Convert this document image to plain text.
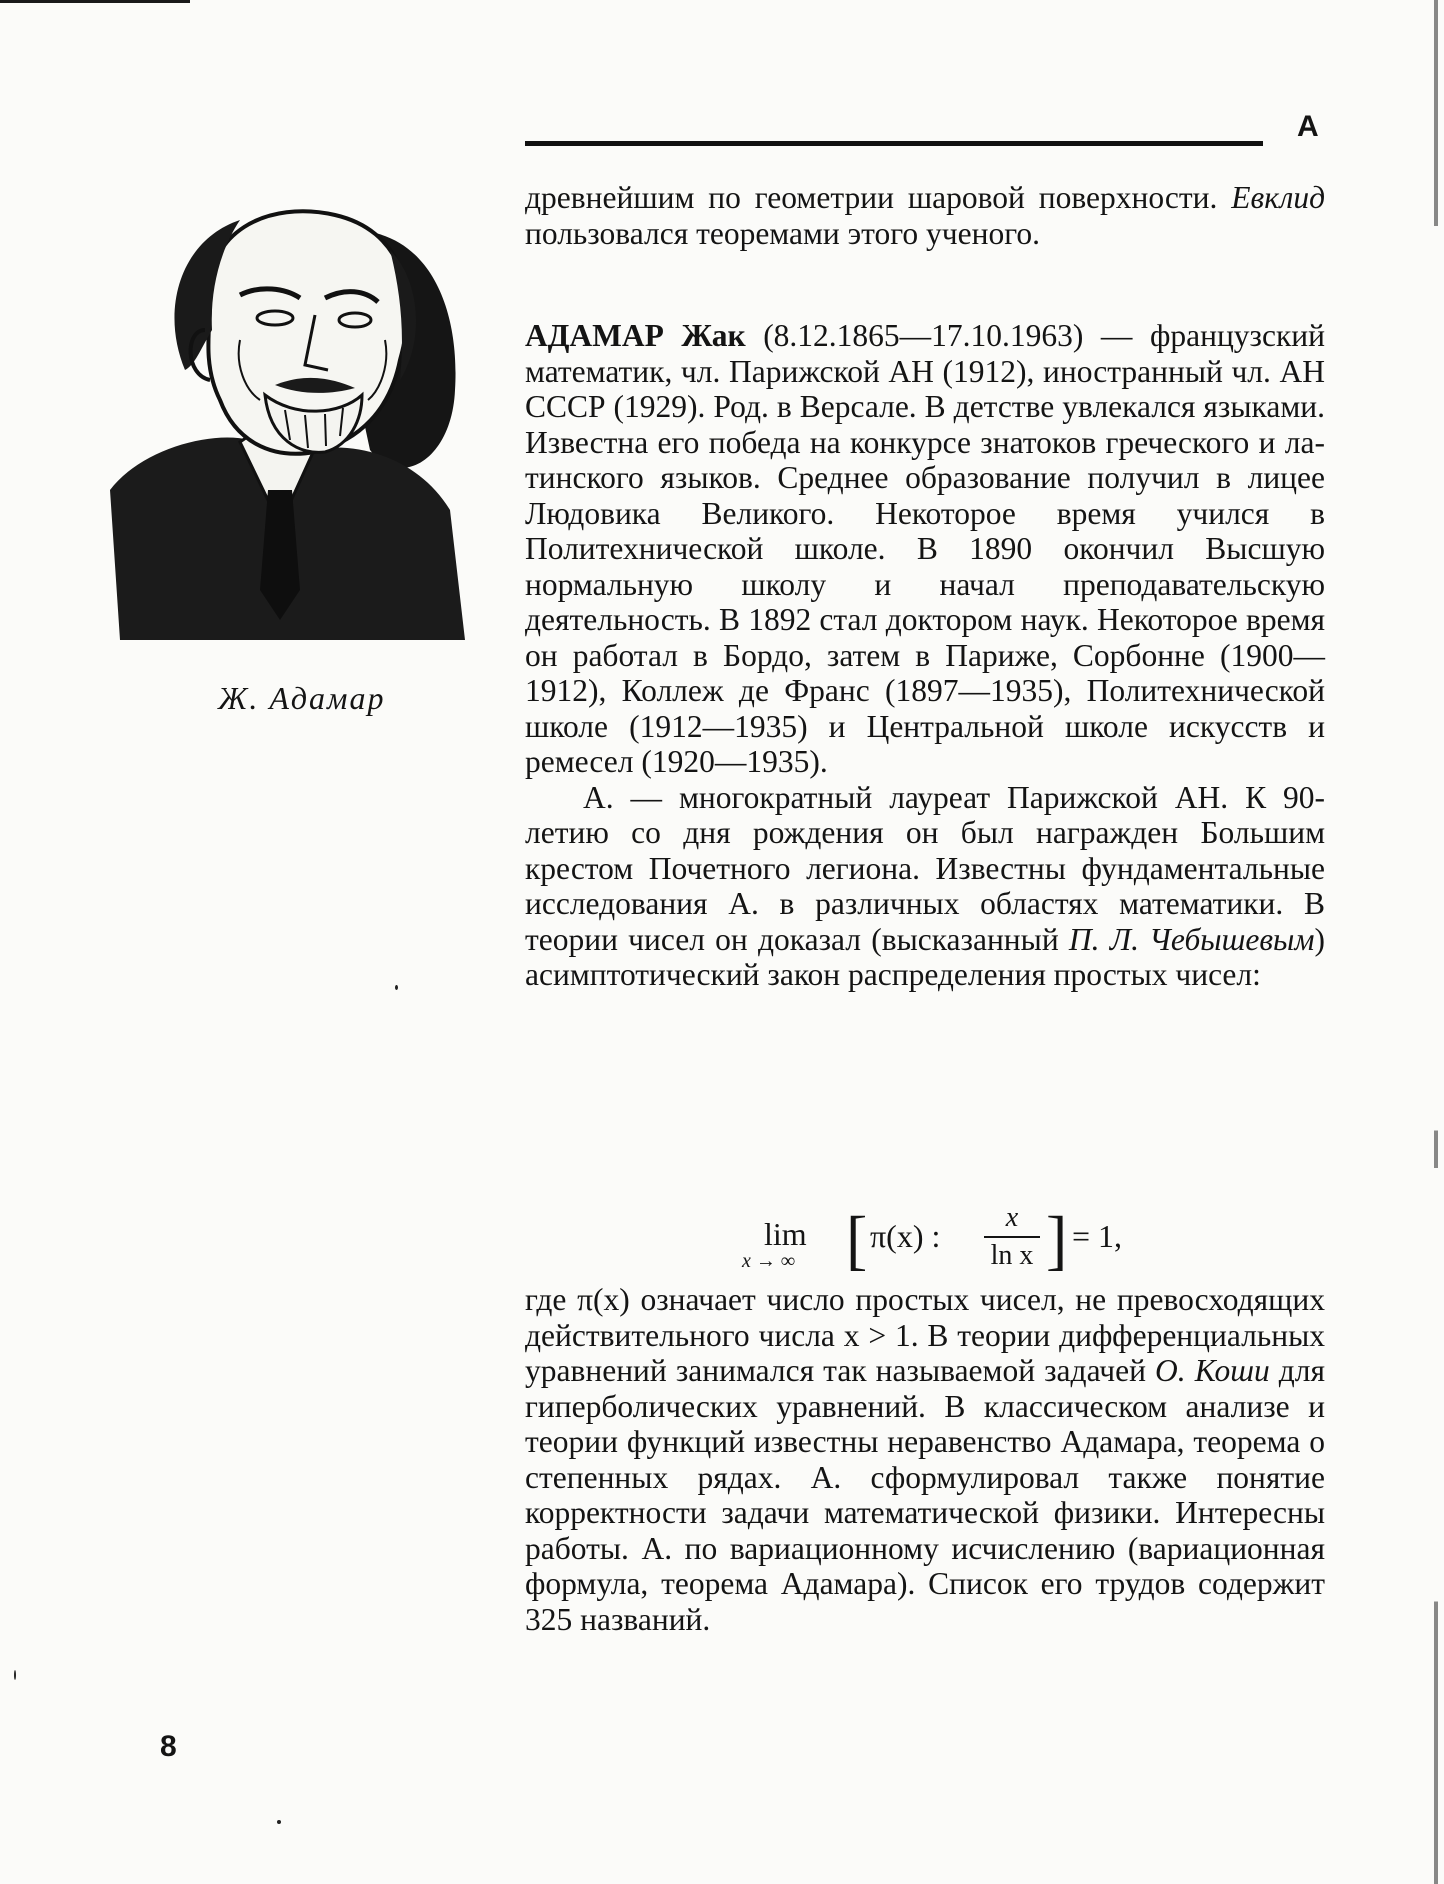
А
Ж. Адамар

древнейшим по геометрии шаровой поверхности. Евклид пользовался теоремами этого ученого.

АДАМАР Жак (8.12.1865—17.10.1963) — французский математик, чл. Парижской АН (1912), иностранный чл. АН СССР (1929). Род. в Версале. В детстве увлекался языками. Известна его победа на конкурсе знатоков греческого и латинского языков. Среднее образование получил в лицее Людовика Великого. Некоторое время учился в Политехнической школе. В 1890 окончил Высшую нормальную школу и начал преподавательскую деятельность. В 1892 стал доктором наук. Некоторое время он работал в Бордо, затем в Париже, Сорбонне (1900—1912), Коллеж де Франс (1897—1935), Политехнической школе (1912—1935) и Центральной школе искусств и ремесел (1920—1935).

А. — многократный лауреат Парижской АН. К 90-летию со дня рождения он был награжден Большим крестом Почетного легиона. Известны фундаментальные исследования А. в различных областях математики. В теории чисел он доказал (высказанный П. Л. Чебышевым) асимптотический закон распределения простых чисел:

lim
x → ∞ [ π(x) :
x
ln x ] = 1,

где π(x) означает число простых чисел, не превосходящих действительного числа x > 1. В теории дифференциальных уравнений занимался так называемой задачей О. Коши для гиперболических уравнений. В классическом анализе и теории функций известны неравенство Адамара, теорема о степенных рядах. А. сформулировал также понятие корректности задачи математической физики. Интересны работы. А. по вариационному исчислению (вариационная формула, теорема Адамара). Список его трудов содержит 325 названий.

8
